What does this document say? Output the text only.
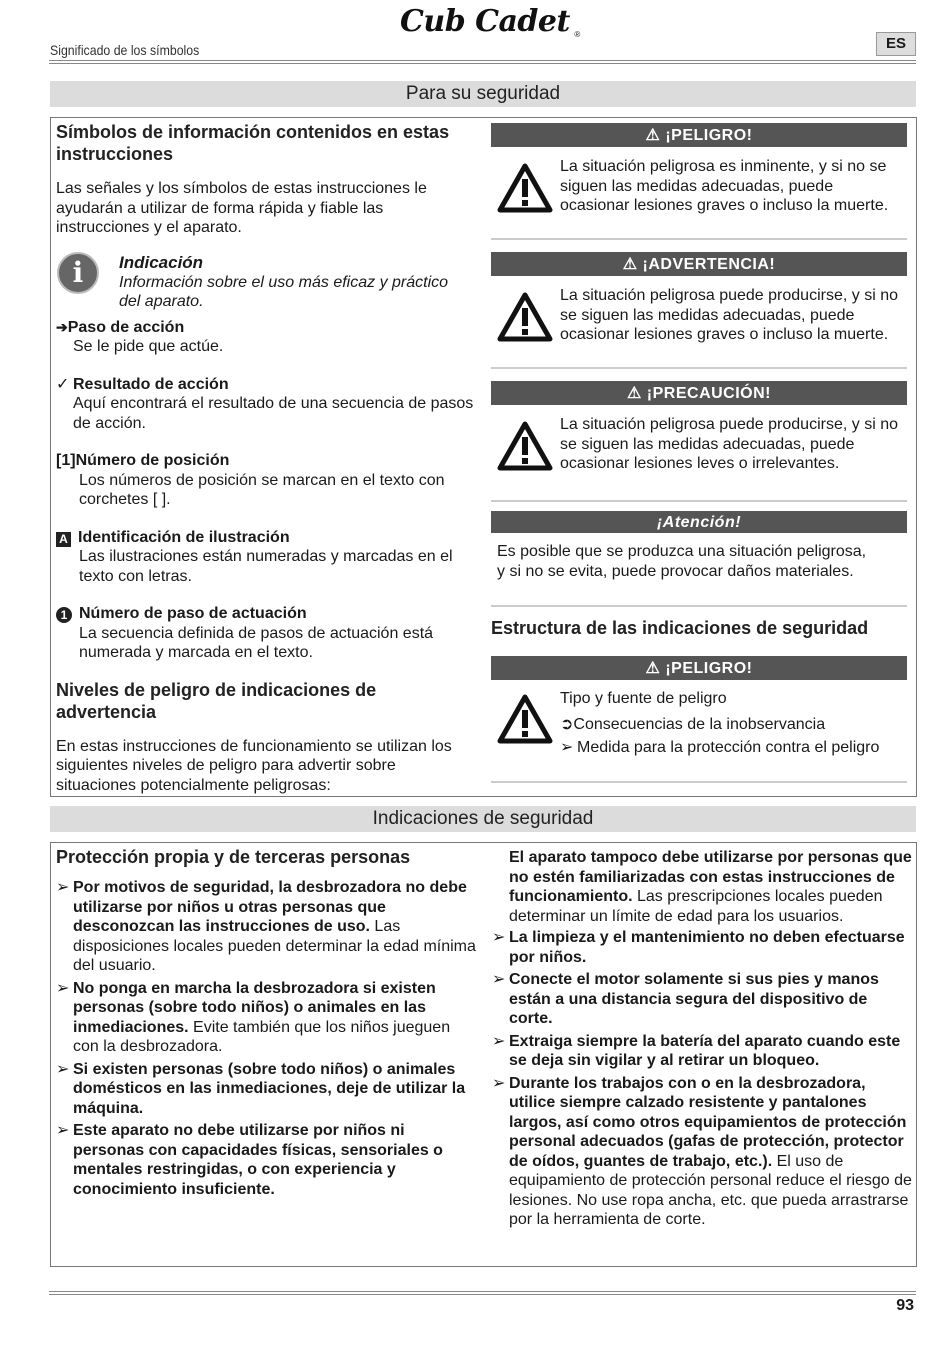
Cub Cadet ®
Significado de los símbolos	ES
Para su seguridad
Símbolos de información contenidos en estas instrucciones
Las señales y los símbolos de estas instrucciones le ayudarán a utilizar de forma rápida y fiable las instrucciones y el aparato.
i	Indicación
Información sobre el uso más eficaz y práctico del aparato.
➔Paso de acción
Se le pide que actúe.
✓ Resultado de acción
Aquí encontrará el resultado de una secuencia de pasos de acción.
[1]Número de posición
Los números de posición se marcan en el texto con corchetes [ ].
A Identificación de ilustración
Las ilustraciones están numeradas y marcadas en el texto con letras.
1 Número de paso de actuación
La secuencia definida de pasos de actuación está numerada y marcada en el texto.
Niveles de peligro de indicaciones de advertencia
En estas instrucciones de funcionamiento se utilizan los siguientes niveles de peligro para advertir sobre situaciones potencialmente peligrosas:
⚠ ¡PELIGRO!
La situación peligrosa es inminente, y si no se siguen las medidas adecuadas, puede ocasionar lesiones graves o incluso la muerte.
⚠ ¡ADVERTENCIA!
La situación peligrosa puede producirse, y si no se siguen las medidas adecuadas, puede ocasionar lesiones graves o incluso la muerte.
⚠ ¡PRECAUCIÓN!
La situación peligrosa puede producirse, y si no se siguen las medidas adecuadas, puede ocasionar lesiones leves o irrelevantes.
¡Atención!
Es posible que se produzca una situación peligrosa, y si no se evita, puede provocar daños materiales.
Estructura de las indicaciones de seguridad
⚠ ¡PELIGRO!
Tipo y fuente de peligro
➲Consecuencias de la inobservancia
➢ Medida para la protección contra el peligro
Indicaciones de seguridad
Protección propia y de terceras personas
➢ Por motivos de seguridad, la desbrozadora no debe utilizarse por niños u otras personas que desconozcan las instrucciones de uso. Las disposiciones locales pueden determinar la edad mínima del usuario.
➢ No ponga en marcha la desbrozadora si existen personas (sobre todo niños) o animales en las inmediaciones. Evite también que los niños jueguen con la desbrozadora.
➢ Si existen personas (sobre todo niños) o animales domésticos en las inmediaciones, deje de utilizar la máquina.
➢ Este aparato no debe utilizarse por niños ni personas con capacidades físicas, sensoriales o mentales restringidas, o con experiencia y conocimiento insuficiente.
El aparato tampoco debe utilizarse por personas que no estén familiarizadas con estas instrucciones de funcionamiento. Las prescripciones locales pueden determinar un límite de edad para los usuarios.
➢ La limpieza y el mantenimiento no deben efectuarse por niños.
➢ Conecte el motor solamente si sus pies y manos están a una distancia segura del dispositivo de corte.
➢ Extraiga siempre la batería del aparato cuando este se deja sin vigilar y al retirar un bloqueo.
➢ Durante los trabajos con o en la desbrozadora, utilice siempre calzado resistente y pantalones largos, así como otros equipamientos de protección personal adecuados (gafas de protección, protector de oídos, guantes de trabajo, etc.). El uso de equipamiento de protección personal reduce el riesgo de lesiones. No use ropa ancha, etc. que pueda arrastrarse por la herramienta de corte.
93
